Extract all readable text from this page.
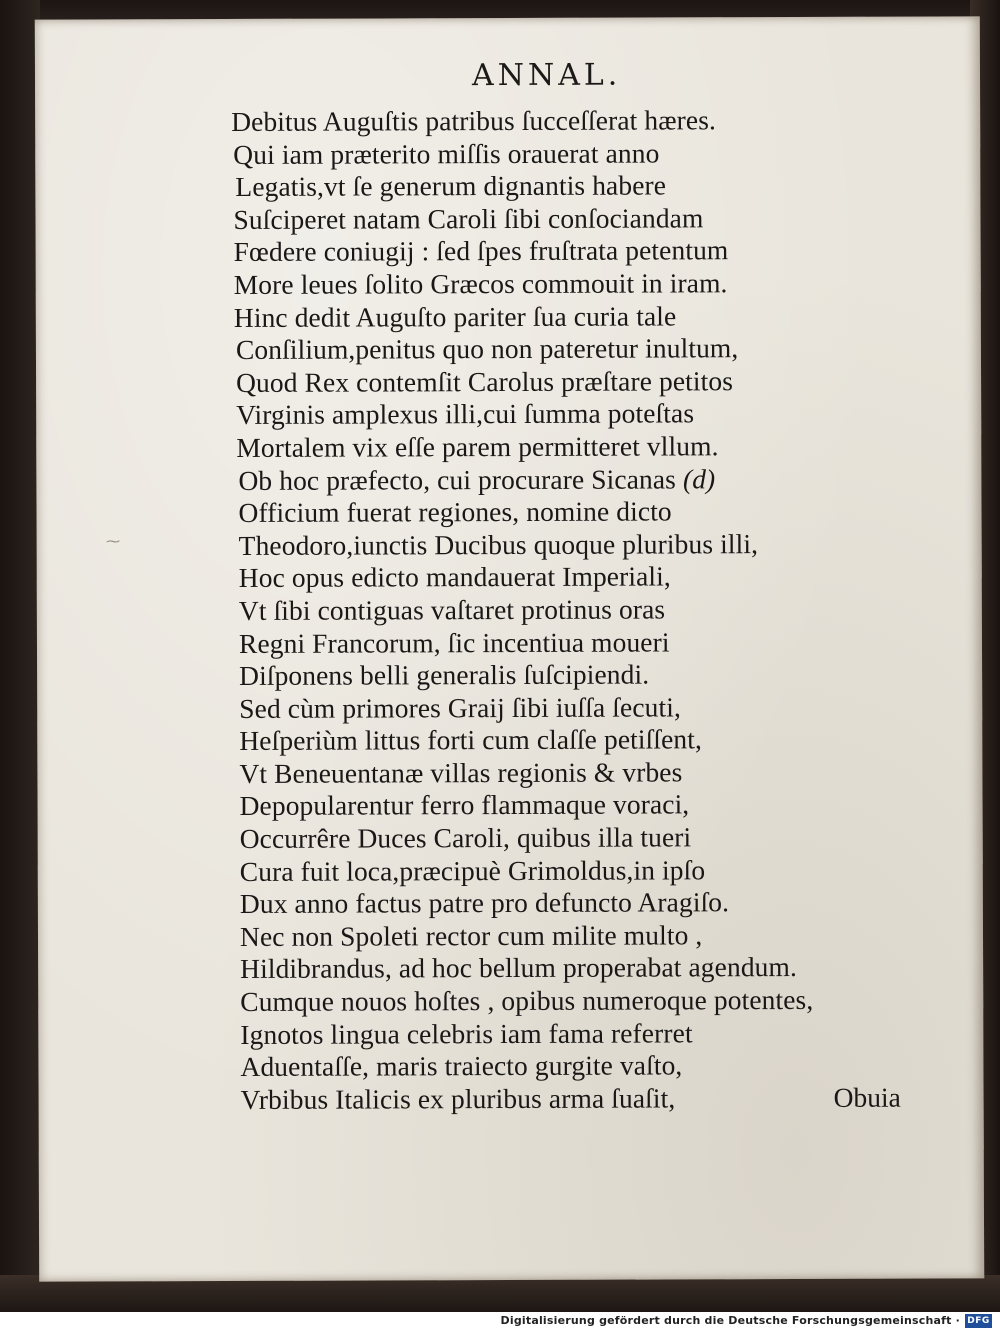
ANNAL.
Debitus Auguſtis patribus ſucceſſerat hæres.
Qui iam præterito miſſis orauerat anno
Legatis,vt ſe generum dignantis habere
Suſciperet natam Caroli ſibi conſociandam
Fœdere coniugij : ſed ſpes fruſtrata petentum
More leues ſolito Græcos commouit in iram.
Hinc dedit Auguſto pariter ſua curia tale
Conſilium,penitus quo non pateretur inultum,
Quod Rex contemſit Carolus præſtare petitos
Virginis amplexus illi,cui ſumma poteſtas
Mortalem vix eſſe parem permitteret vllum.
Ob hoc præfecto, cui procurare Sicanas (d)
Officium fuerat regiones, nomine dicto
Theodoro,iunctis Ducibus quoque pluribus illi,
Hoc opus edicto mandauerat Imperiali,
Vt ſibi contiguas vaſtaret protinus oras
Regni Francorum, ſic incentiua moueri
Diſponens belli generalis ſuſcipiendi.
Sed cùm primores Graij ſibi iuſſa ſecuti,
Heſperiùm littus forti cum claſſe petiſſent,
Vt Beneuentanæ villas regionis & vrbes
Depopularentur ferro flammaque voraci,
Occurrêre Duces Caroli, quibus illa tueri
Cura fuit loca,præcipuè Grimoldus,in ipſo
Dux anno factus patre pro defuncto Aragiſo.
Nec non Spoleti rector cum milite multo ,
Hildibrandus, ad hoc bellum properabat agendum.
Cumque nouos hoſtes , opibus numeroque potentes,
Ignotos lingua celebris iam fama referret
Aduentaſſe, maris traiecto gurgite vaſto,
Vrbibus Italicis ex pluribus arma ſuaſit,	Obuia
⁓
Digitalisierung gefördert durch die Deutsche Forschungsgemeinschaft · DFG
